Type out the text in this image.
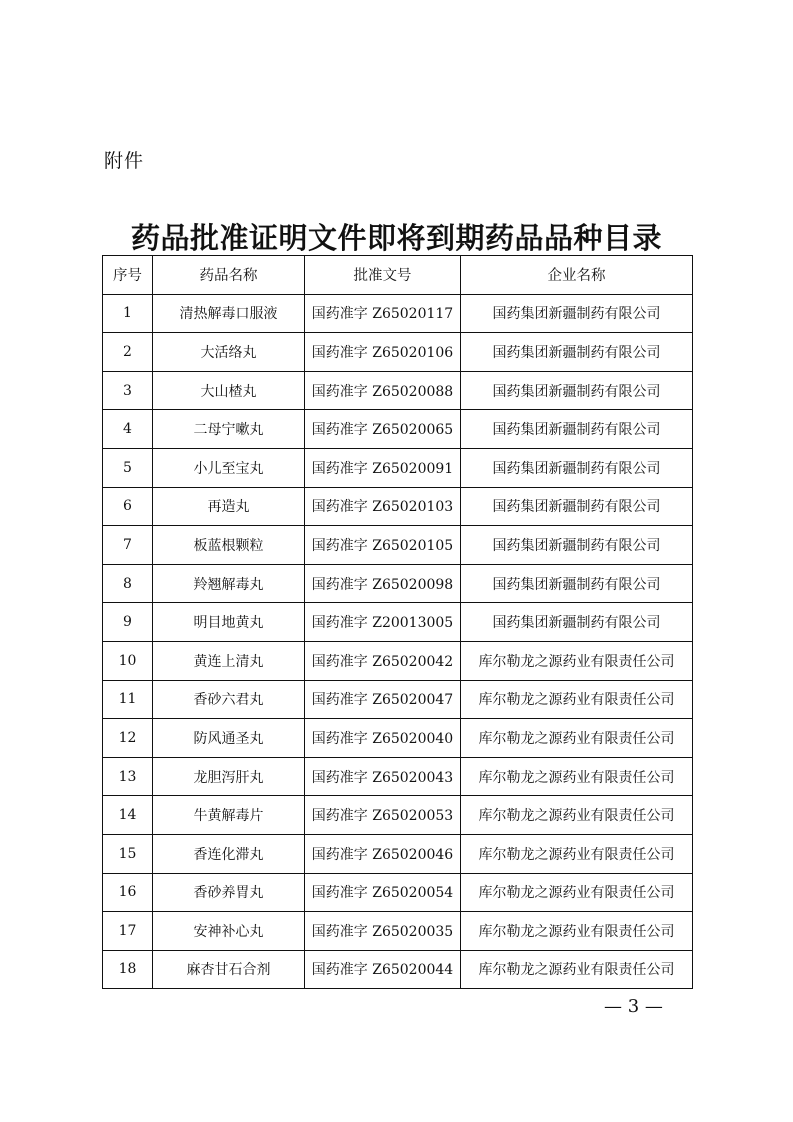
附件
药品批准证明文件即将到期药品品种目录
序号	药品名称	批准文号	企业名称
1	清热解毒口服液	国药准字 Z65020117	国药集团新疆制药有限公司
2	大活络丸	国药准字 Z65020106	国药集团新疆制药有限公司
3	大山楂丸	国药准字 Z65020088	国药集团新疆制药有限公司
4	二母宁嗽丸	国药准字 Z65020065	国药集团新疆制药有限公司
5	小儿至宝丸	国药准字 Z65020091	国药集团新疆制药有限公司
6	再造丸	国药准字 Z65020103	国药集团新疆制药有限公司
7	板蓝根颗粒	国药准字 Z65020105	国药集团新疆制药有限公司
8	羚翘解毒丸	国药准字 Z65020098	国药集团新疆制药有限公司
9	明目地黄丸	国药准字 Z20013005	国药集团新疆制药有限公司
10	黄连上清丸	国药准字 Z65020042	库尔勒龙之源药业有限责任公司
11	香砂六君丸	国药准字 Z65020047	库尔勒龙之源药业有限责任公司
12	防风通圣丸	国药准字 Z65020040	库尔勒龙之源药业有限责任公司
13	龙胆泻肝丸	国药准字 Z65020043	库尔勒龙之源药业有限责任公司
14	牛黄解毒片	国药准字 Z65020053	库尔勒龙之源药业有限责任公司
15	香连化滞丸	国药准字 Z65020046	库尔勒龙之源药业有限责任公司
16	香砂养胃丸	国药准字 Z65020054	库尔勒龙之源药业有限责任公司
17	安神补心丸	国药准字 Z65020035	库尔勒龙之源药业有限责任公司
18	麻杏甘石合剂	国药准字 Z65020044	库尔勒龙之源药业有限责任公司
— 3 —
